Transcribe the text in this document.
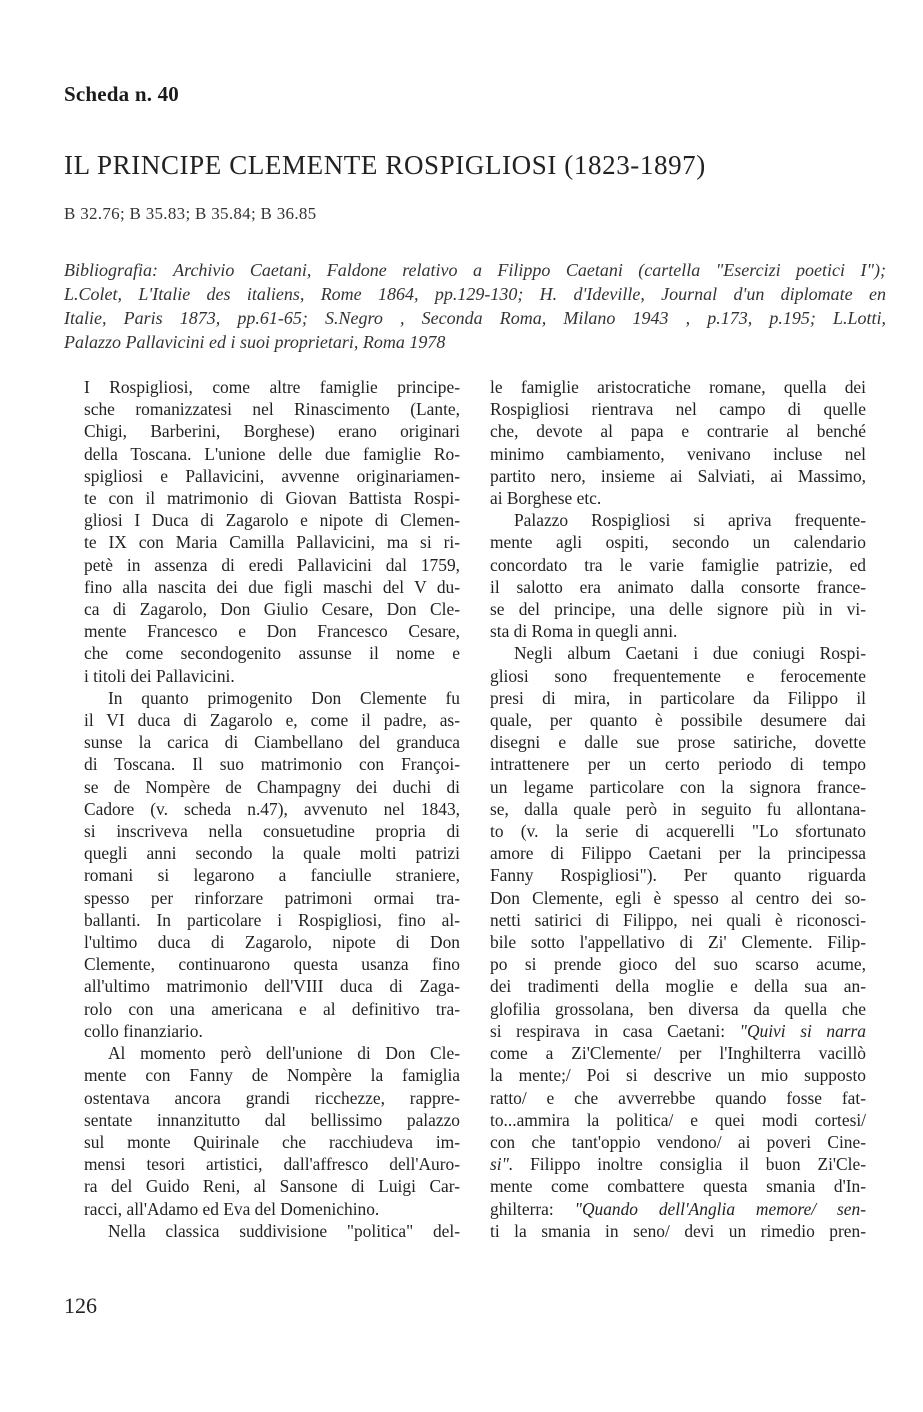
Scheda n. 40
IL PRINCIPE CLEMENTE ROSPIGLIOSI (1823-1897)
B 32.76; B 35.83; B 35.84; B 36.85
Bibliografia: Archivio Caetani, Faldone relativo a Filippo Caetani (cartella "Esercizi poetici I");
L.Colet, L'Italie des italiens, Rome 1864, pp.129-130; H. d'Ideville, Journal d'un diplomate en
Italie, Paris 1873, pp.61-65; S.Negro , Seconda Roma, Milano 1943 , p.173, p.195; L.Lotti,
Palazzo Pallavicini ed i suoi proprietari, Roma 1978
I Rospigliosi, come altre famiglie principe-
sche romanizzatesi nel Rinascimento (Lante,
Chigi, Barberini, Borghese) erano originari
della Toscana. L'unione delle due famiglie Ro-
spigliosi e Pallavicini, avvenne originariamen-
te con il matrimonio di Giovan Battista Rospi-
gliosi I Duca di Zagarolo e nipote di Clemen-
te IX con Maria Camilla Pallavicini, ma si ri-
petè in assenza di eredi Pallavicini dal 1759,
fino alla nascita dei due figli maschi del V du-
ca di Zagarolo, Don Giulio Cesare, Don Cle-
mente Francesco e Don Francesco Cesare,
che come secondogenito assunse il nome e
i titoli dei Pallavicini.
In quanto primogenito Don Clemente fu
il VI duca di Zagarolo e, come il padre, as-
sunse la carica di Ciambellano del granduca
di Toscana. Il suo matrimonio con Françoi-
se de Nompère de Champagny dei duchi di
Cadore (v. scheda n.47), avvenuto nel 1843,
si inscriveva nella consuetudine propria di
quegli anni secondo la quale molti patrizi
romani si legarono a fanciulle straniere,
spesso per rinforzare patrimoni ormai tra-
ballanti. In particolare i Rospigliosi, fino al-
l'ultimo duca di Zagarolo, nipote di Don
Clemente, continuarono questa usanza fino
all'ultimo matrimonio dell'VIII duca di Zaga-
rolo con una americana e al definitivo tra-
collo finanziario.
Al momento però dell'unione di Don Cle-
mente con Fanny de Nompère la famiglia
ostentava ancora grandi ricchezze, rappre-
sentate innanzitutto dal bellissimo palazzo
sul monte Quirinale che racchiudeva im-
mensi tesori artistici, dall'affresco dell'Auro-
ra del Guido Reni, al Sansone di Luigi Car-
racci, all'Adamo ed Eva del Domenichino.
Nella classica suddivisione "politica" del-
le famiglie aristocratiche romane, quella dei
Rospigliosi rientrava nel campo di quelle
che, devote al papa e contrarie al benché
minimo cambiamento, venivano incluse nel
partito nero, insieme ai Salviati, ai Massimo,
ai Borghese etc.
Palazzo Rospigliosi si apriva frequente-
mente agli ospiti, secondo un calendario
concordato tra le varie famiglie patrizie, ed
il salotto era animato dalla consorte france-
se del principe, una delle signore più in vi-
sta di Roma in quegli anni.
Negli album Caetani i due coniugi Rospi-
gliosi sono frequentemente e ferocemente
presi di mira, in particolare da Filippo il
quale, per quanto è possibile desumere dai
disegni e dalle sue prose satiriche, dovette
intrattenere per un certo periodo di tempo
un legame particolare con la signora france-
se, dalla quale però in seguito fu allontana-
to (v. la serie di acquerelli "Lo sfortunato
amore di Filippo Caetani per la principessa
Fanny Rospigliosi"). Per quanto riguarda
Don Clemente, egli è spesso al centro dei so-
netti satirici di Filippo, nei quali è riconosci-
bile sotto l'appellativo di Zi' Clemente. Filip-
po si prende gioco del suo scarso acume,
dei tradimenti della moglie e della sua an-
glofilia grossolana, ben diversa da quella che
si respirava in casa Caetani: "Quivi si narra
come a Zi'Clemente/ per l'Inghilterra vacillò
la mente;/ Poi si descrive un mio supposto
ratto/ e che avverrebbe quando fosse fat-
to...ammira la politica/ e quei modi cortesi/
con che tant'oppio vendono/ ai poveri Cine-
si". Filippo inoltre consiglia il buon Zi'Cle-
mente come combattere questa smania d'In-
ghilterra: "Quando dell'Anglia memore/ sen-
ti la smania in seno/ devi un rimedio pren-
126
